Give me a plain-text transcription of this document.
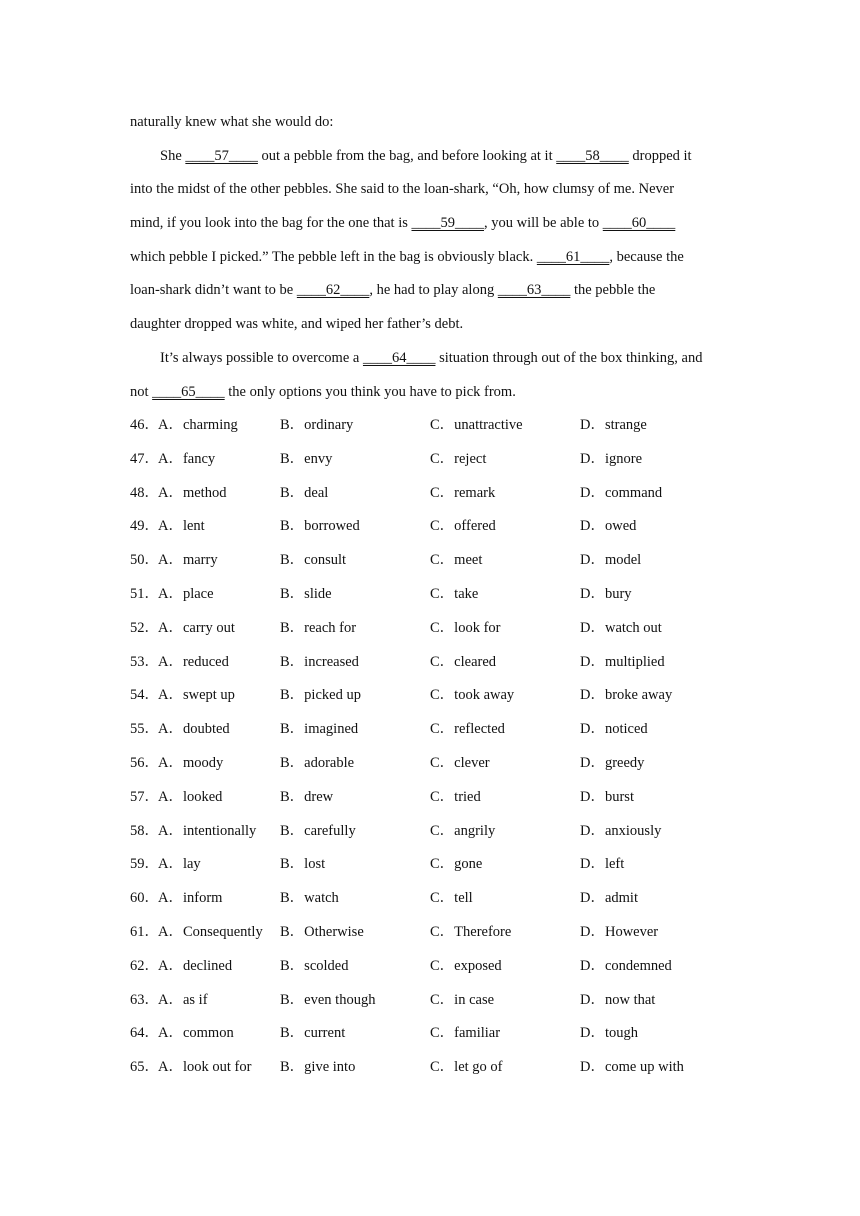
naturally knew what she would do:
She ____57____ out a pebble from the bag, and before looking at it ____58____ dropped it
into the midst of the other pebbles. She said to the loan-shark, “Oh, how clumsy of me. Never
mind, if you look into the bag for the one that is ____59____, you will be able to ____60____
which pebble I picked.” The pebble left in the bag is obviously black. ____61____, because the
loan-shark didn’t want to be ____62____, he had to play along ____63____ the pebble the
daughter dropped was white, and wiped her father’s debt.
It’s always possible to overcome a ____64____ situation through out of the box thinking, and
not ____65____ the only options you think you have to pick from.
46． A．charming	B．ordinary	C．unattractive	D．strange
47． A．fancy	B．envy	C．reject	D．ignore
48． A．method	B．deal	C．remark	D．command
49． A．lent	B．borrowed	C．offered	D．owed
50． A．marry	B．consult	C．meet	D．model
51． A．place	B．slide	C．take	D．bury
52． A．carry out	B．reach for	C．look for	D．watch out
53． A．reduced	B．increased	C．cleared	D．multiplied
54． A．swept up	B．picked up	C．took away	D．broke away
55． A．doubted	B．imagined	C．reflected	D．noticed
56． A．moody	B．adorable	C．clever	D．greedy
57． A．looked	B．drew	C．tried	D．burst
58． A．intentionally B．carefully	C．angrily	D．anxiously
59． A．lay	B．lost	C．gone	D．left
60． A．inform	B．watch	C．tell	D．admit
61． A．Consequently B．Otherwise	C．Therefore	D．However
62． A．declined	B．scolded	C．exposed	D．condemned
63． A．as if	B．even though	C．in case	D．now that
64． A．common	B．current	C．familiar	D．tough
65． A．look out for B．give into	C．let go of	D．come up with
